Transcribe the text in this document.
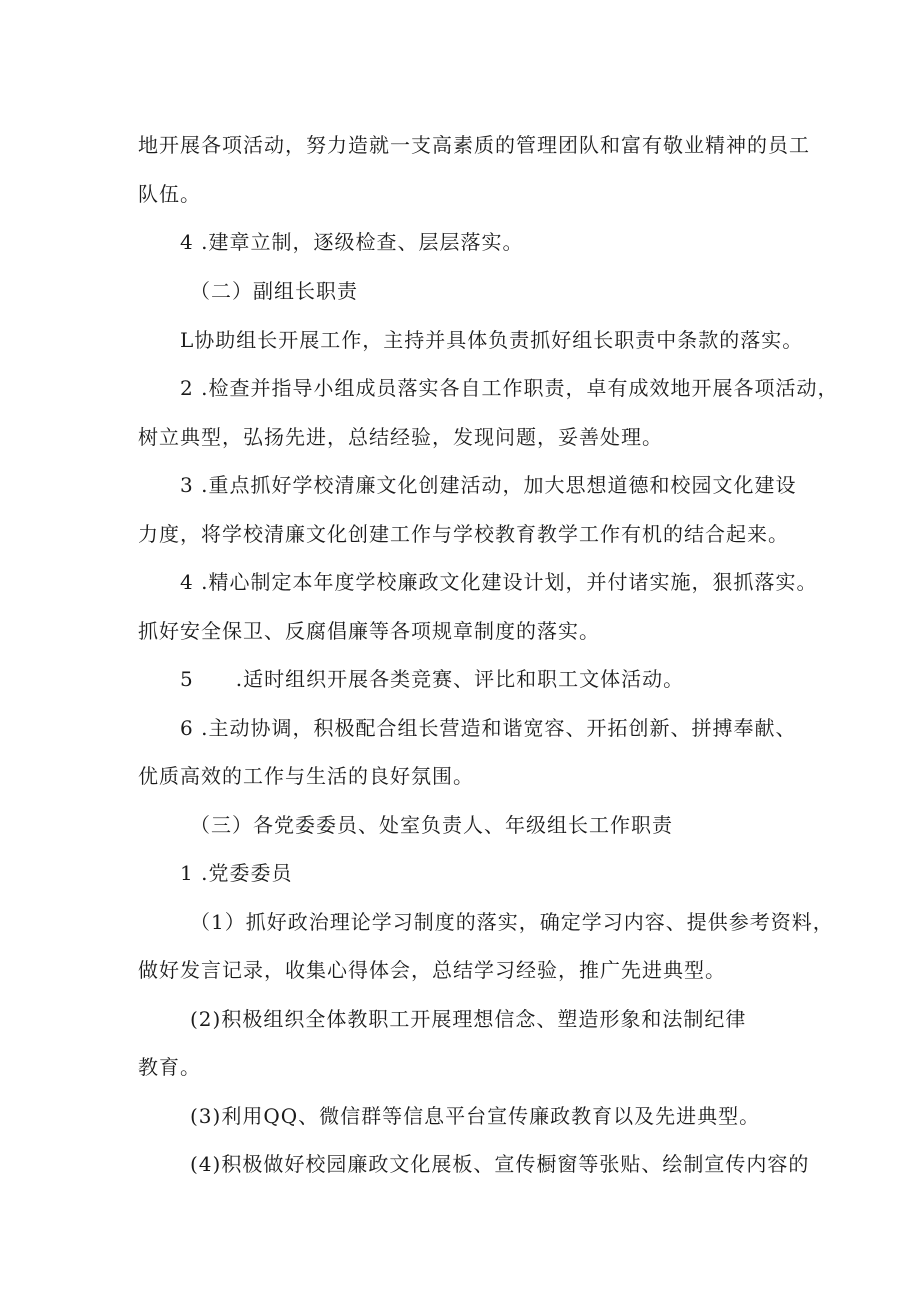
地开展各项活动，努力造就一支高素质的管理团队和富有敬业精神的员工
队伍。
4 .建章立制，逐级检查、层层落实。
（二）副组长职责
L协助组长开展工作，主持并具体负责抓好组长职责中条款的落实。
2 .检查并指导小组成员落实各自工作职责，卓有成效地开展各项活动，
树立典型，弘扬先进，总结经验，发现问题，妥善处理。
3 .重点抓好学校清廉文化创建活动，加大思想道德和校园文化建设
力度，将学校清廉文化创建工作与学校教育教学工作有机的结合起来。
4 .精心制定本年度学校廉政文化建设计划，并付诸实施，狠抓落实。
抓好安全保卫、反腐倡廉等各项规章制度的落实。
5　　.适时组织开展各类竞赛、评比和职工文体活动。
6 .主动协调，积极配合组长营造和谐宽容、开拓创新、拼搏奉献、
优质高效的工作与生活的良好氛围。
（三）各党委委员、处室负责人、年级组长工作职责
1 .党委委员
（1）抓好政治理论学习制度的落实，确定学习内容、提供参考资料，
做好发言记录，收集心得体会，总结学习经验，推广先进典型。
(2)积极组织全体教职工开展理想信念、塑造形象和法制纪律
教育。
(3)利用QQ、微信群等信息平台宣传廉政教育以及先进典型。
(4)积极做好校园廉政文化展板、宣传橱窗等张贴、绘制宣传内容的
